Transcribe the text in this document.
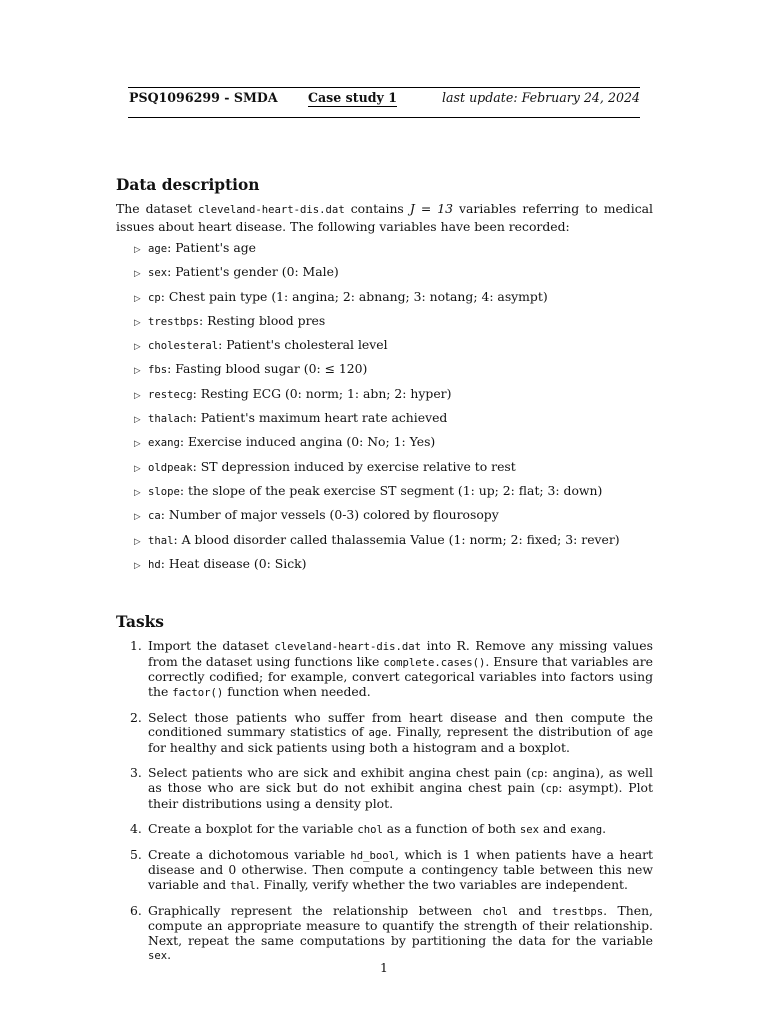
PSQ1096299 - SMDA Case study 1	last update: February 24, 2024
Data description

The dataset cleveland-heart-dis.dat contains J = 13 variables referring to medical issues about heart disease. The following variables have been recorded:

▷ age: Patient's age
▷ sex: Patient's gender (0: Male)
▷ cp: Chest pain type (1: angina; 2: abnang; 3: notang; 4: asympt)
▷ trestbps: Resting blood pres
▷ cholesteral: Patient's cholesteral level
▷ fbs: Fasting blood sugar (0: ≤ 120)
▷ restecg: Resting ECG (0: norm; 1: abn; 2: hyper)
▷ thalach: Patient's maximum heart rate achieved
▷ exang: Exercise induced angina (0: No; 1: Yes)
▷ oldpeak: ST depression induced by exercise relative to rest
▷ slope: the slope of the peak exercise ST segment (1: up; 2: flat; 3: down)
▷ ca: Number of major vessels (0-3) colored by flourosopy
▷ thal: A blood disorder called thalassemia Value (1: norm; 2: fixed; 3: rever)
▷ hd: Heat disease (0: Sick)
Tasks
1. Import the dataset cleveland-heart-dis.dat into R. Remove any missing values from the dataset using functions like complete.cases(). Ensure that variables are correctly codified; for example, convert categorical variables into factors using the factor() function when needed.
2. Select those patients who suffer from heart disease and then compute the conditioned summary statistics of age. Finally, represent the distribution of age for healthy and sick patients using both a histogram and a boxplot.
3. Select patients who are sick and exhibit angina chest pain (cp: angina), as well as those who are sick but do not exhibit angina chest pain (cp: asympt). Plot their distributions using a density plot.
4. Create a boxplot for the variable chol as a function of both sex and exang.
5. Create a dichotomous variable hd_bool, which is 1 when patients have a heart disease and 0 otherwise. Then compute a contingency table between this new variable and thal. Finally, verify whether the two variables are independent.
6. Graphically represent the relationship between chol and trestbps. Then, compute an appropriate measure to quantify the strength of their relationship. Next, repeat the same computations by partitioning the data for the variable sex.
1
